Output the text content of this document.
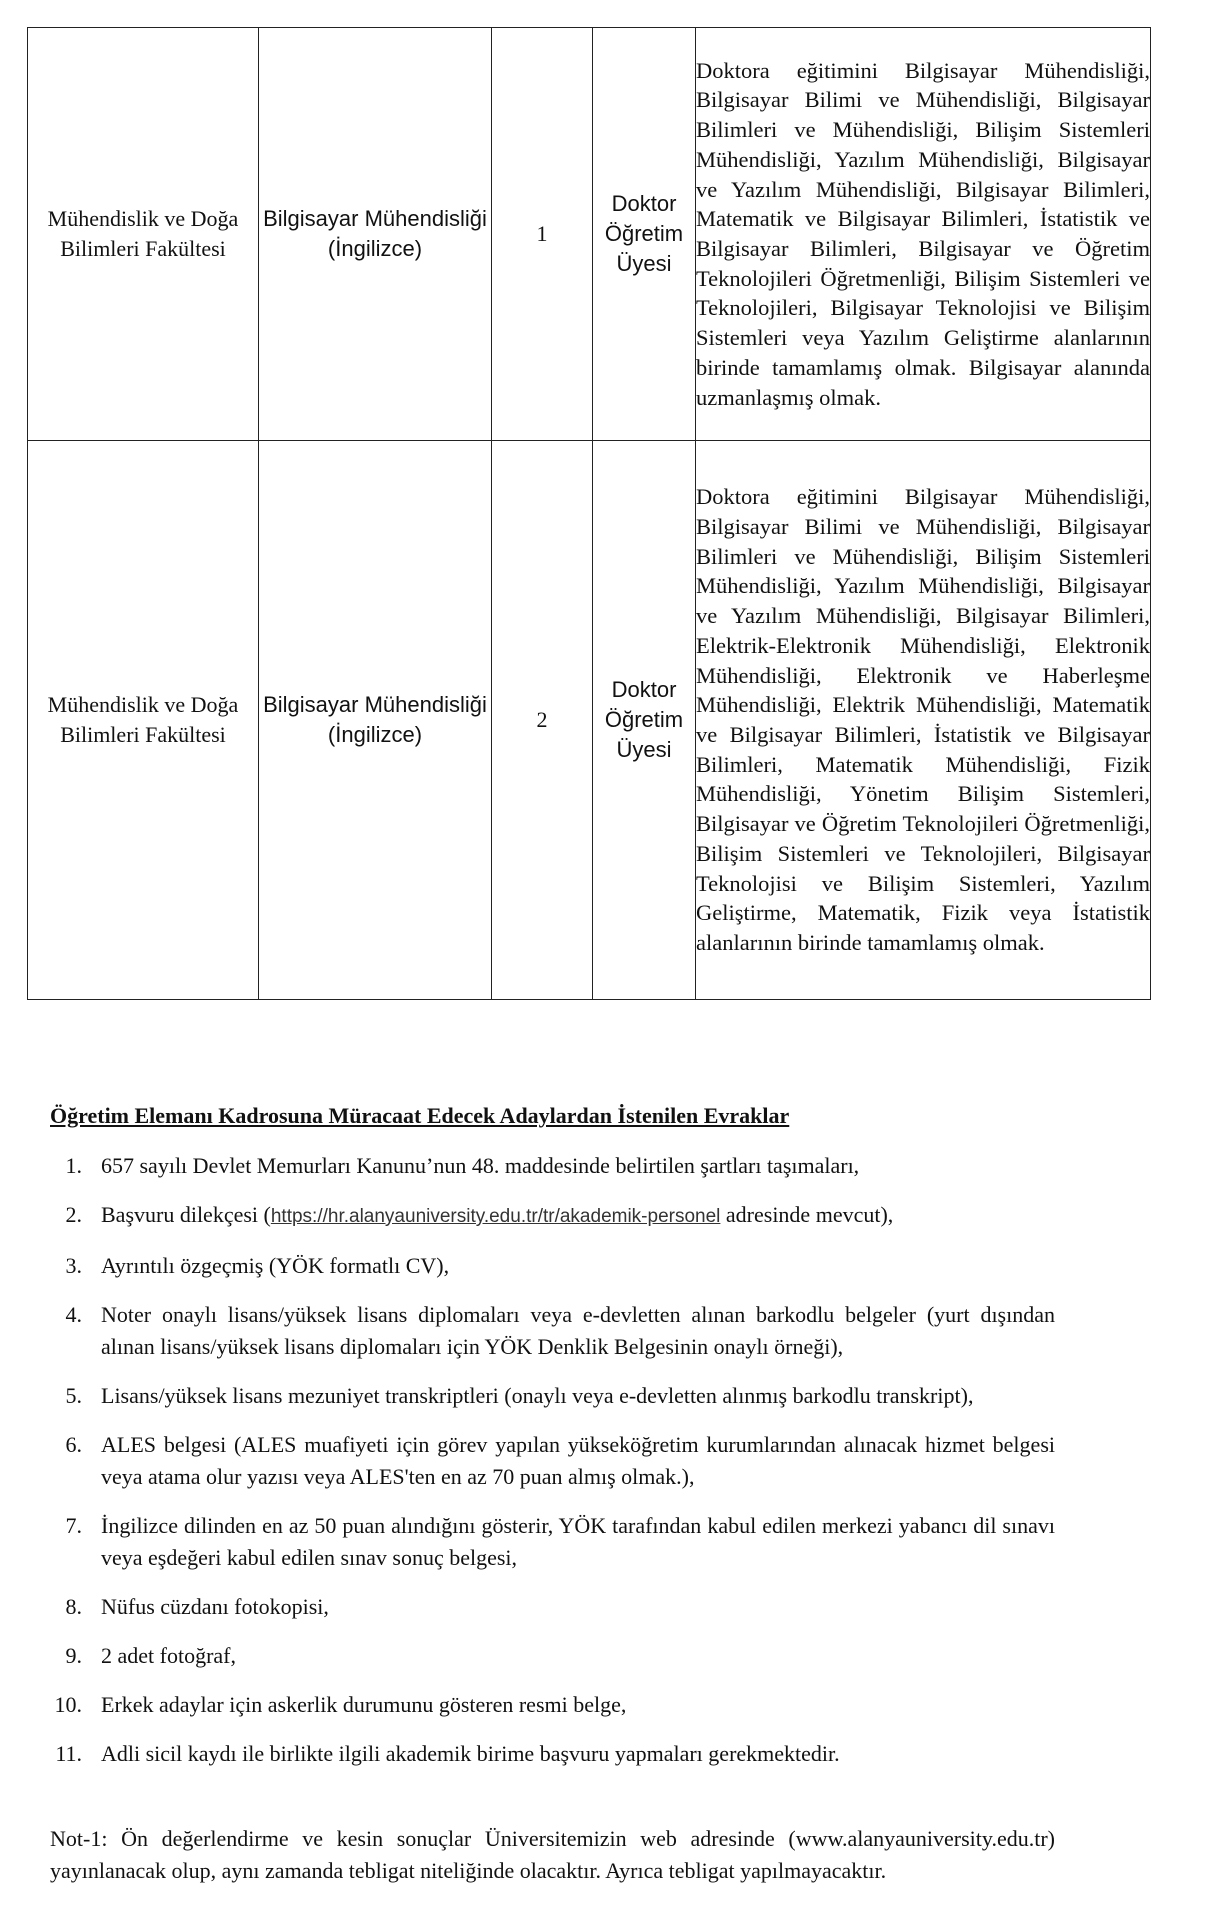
Mühendislik ve Doğa Bilimleri Fakültesi	Bilgisayar Mühendisliği (İngilizce)	1	Doktor Öğretim Üyesi	Doktora eğitimini Bilgisayar Mühendisliği, Bilgisayar Bilimi ve Mühendisliği, Bilgisayar Bilimleri ve Mühendisliği, Bilişim Sistemleri Mühendisliği, Yazılım Mühendisliği, Bilgisayar ve Yazılım Mühendisliği, Bilgisayar Bilimleri, Matematik ve Bilgisayar Bilimleri, İstatistik ve Bilgisayar Bilimleri, Bilgisayar ve Öğretim Teknolojileri Öğretmenliği, Bilişim Sistemleri ve Teknolojileri, Bilgisayar Teknolojisi ve Bilişim Sistemleri veya Yazılım Geliştirme alanlarının birinde tamamlamış olmak. Bilgisayar alanında uzmanlaşmış olmak.
Mühendislik ve Doğa Bilimleri Fakültesi	Bilgisayar Mühendisliği (İngilizce)	2	Doktor Öğretim Üyesi	Doktora eğitimini Bilgisayar Mühendisliği, Bilgisayar Bilimi ve Mühendisliği, Bilgisayar Bilimleri ve Mühendisliği, Bilişim Sistemleri Mühendisliği, Yazılım Mühendisliği, Bilgisayar ve Yazılım Mühendisliği, Bilgisayar Bilimleri, Elektrik-Elektronik Mühendisliği, Elektronik Mühendisliği, Elektronik ve Haberleşme Mühendisliği, Elektrik Mühendisliği, Matematik ve Bilgisayar Bilimleri, İstatistik ve Bilgisayar Bilimleri, Matematik Mühendisliği, Fizik Mühendisliği, Yönetim Bilişim Sistemleri, Bilgisayar ve Öğretim Teknolojileri Öğretmenliği, Bilişim Sistemleri ve Teknolojileri, Bilgisayar Teknolojisi ve Bilişim Sistemleri, Yazılım Geliştirme, Matematik, Fizik veya İstatistik alanlarının birinde tamamlamış olmak.
Öğretim Elemanı Kadrosuna Müracaat Edecek Adaylardan İstenilen Evraklar
1. 657 sayılı Devlet Memurları Kanunu’nun 48. maddesinde belirtilen şartları taşımaları,
2. Başvuru dilekçesi (https://hr.alanyauniversity.edu.tr/tr/akademik-personel adresinde mevcut),
3. Ayrıntılı özgeçmiş (YÖK formatlı CV),
4. Noter onaylı lisans/yüksek lisans diplomaları veya e-devletten alınan barkodlu belgeler (yurt dışından alınan lisans/yüksek lisans diplomaları için YÖK Denklik Belgesinin onaylı örneği),
5. Lisans/yüksek lisans mezuniyet transkriptleri (onaylı veya e-devletten alınmış barkodlu transkript),
6. ALES belgesi (ALES muafiyeti için görev yapılan yükseköğretim kurumlarından alınacak hizmet belgesi veya atama olur yazısı veya ALES'ten en az 70 puan almış olmak.),
7. İngilizce dilinden en az 50 puan alındığını gösterir, YÖK tarafından kabul edilen merkezi yabancı dil sınavı veya eşdeğeri kabul edilen sınav sonuç belgesi,
8. Nüfus cüzdanı fotokopisi,
9. 2 adet fotoğraf,
10. Erkek adaylar için askerlik durumunu gösteren resmi belge,
11. Adli sicil kaydı ile birlikte ilgili akademik birime başvuru yapmaları gerekmektedir.
Not-1: Ön değerlendirme ve kesin sonuçlar Üniversitemizin web adresinde (www.alanyauniversity.edu.tr) yayınlanacak olup, aynı zamanda tebligat niteliğinde olacaktır. Ayrıca tebligat yapılmayacaktır.
